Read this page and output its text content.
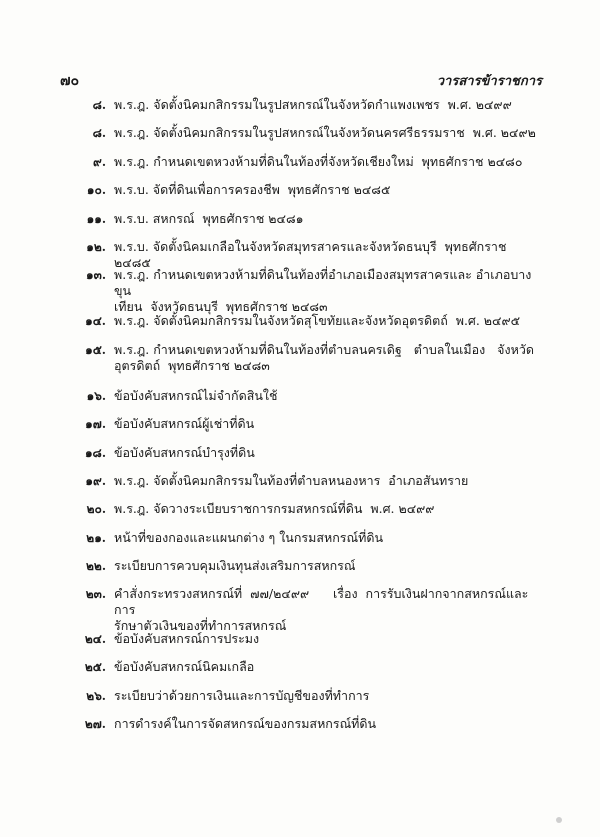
๗๐	วารสารข้าราชการ
๘. พ.ร.ฎ. จัดตั้งนิคมกสิกรรมในรูปสหกรณ์ในจังหวัดกำแพงเพชร  พ.ศ. ๒๔๙๙
๘. พ.ร.ฎ. จัดตั้งนิคมกสิกรรมในรูปสหกรณ์ในจังหวัดนครศรีธรรมราช  พ.ศ. ๒๔๙๒
๙. พ.ร.ฎ. กำหนดเขตหวงห้ามที่ดินในท้องที่จังหวัดเชียงใหม่  พุทธศักราช ๒๔๘๐
๑๐. พ.ร.บ. จัดที่ดินเพื่อการครองชีพ  พุทธศักราช ๒๔๘๕
๑๑. พ.ร.บ. สหกรณ์  พุทธศักราช ๒๔๘๑
๑๒. พ.ร.บ. จัดตั้งนิคมเกลือในจังหวัดสมุทรสาครและจังหวัดธนบุรี  พุทธศักราช ๒๔๘๕
๑๓. พ.ร.ฎ. กำหนดเขตหวงห้ามที่ดินในท้องที่อำเภอเมืองสมุทรสาครและ อำเภอบางขุน
เทียน  จังหวัดธนบุรี  พุทธศักราช ๒๔๘๓
๑๔. พ.ร.ฎ. จัดตั้งนิคมกสิกรรมในจังหวัดสุโขทัยและจังหวัดอุตรดิตถ์  พ.ศ. ๒๔๙๕
๑๕. พ.ร.ฎ. กำหนดเขตหวงห้ามที่ดินในท้องที่ตำบลนครเดิฐ   ตำบลในเมือง   จังหวัด
อุตรดิตถ์  พุทธศักราช ๒๔๘๓
๑๖. ข้อบังคับสหกรณ์ไม่จำกัดสินใช้
๑๗. ข้อบังคับสหกรณ์ผู้เช่าที่ดิน
๑๘. ข้อบังคับสหกรณ์บำรุงที่ดิน
๑๙. พ.ร.ฎ. จัดตั้งนิคมกสิกรรมในท้องที่ตำบลหนองหาร  อำเภอสันทราย
๒๐. พ.ร.ฎ. จัดวางระเบียบราชการกรมสหกรณ์ที่ดิน  พ.ศ. ๒๔๙๙
๒๑. หน้าที่ของกองและแผนกต่าง ๆ ในกรมสหกรณ์ที่ดิน
๒๒. ระเบียบการควบคุมเงินทุนส่งเสริมการสหกรณ์
๒๓. คำสั่งกระทรวงสหกรณ์ที่  ๗๗/๒๔๙๙      เรื่อง  การรับเงินฝากจากสหกรณ์และการ
รักษาตัวเงินของที่ทำการสหกรณ์
๒๔. ข้อบังคับสหกรณ์การประมง
๒๕. ข้อบังคับสหกรณ์นิคมเกลือ
๒๖. ระเบียบว่าด้วยการเงินและการบัญชีของที่ทำการ
๒๗. การดำรงค์ในการจัดสหกรณ์ของกรมสหกรณ์ที่ดิน
